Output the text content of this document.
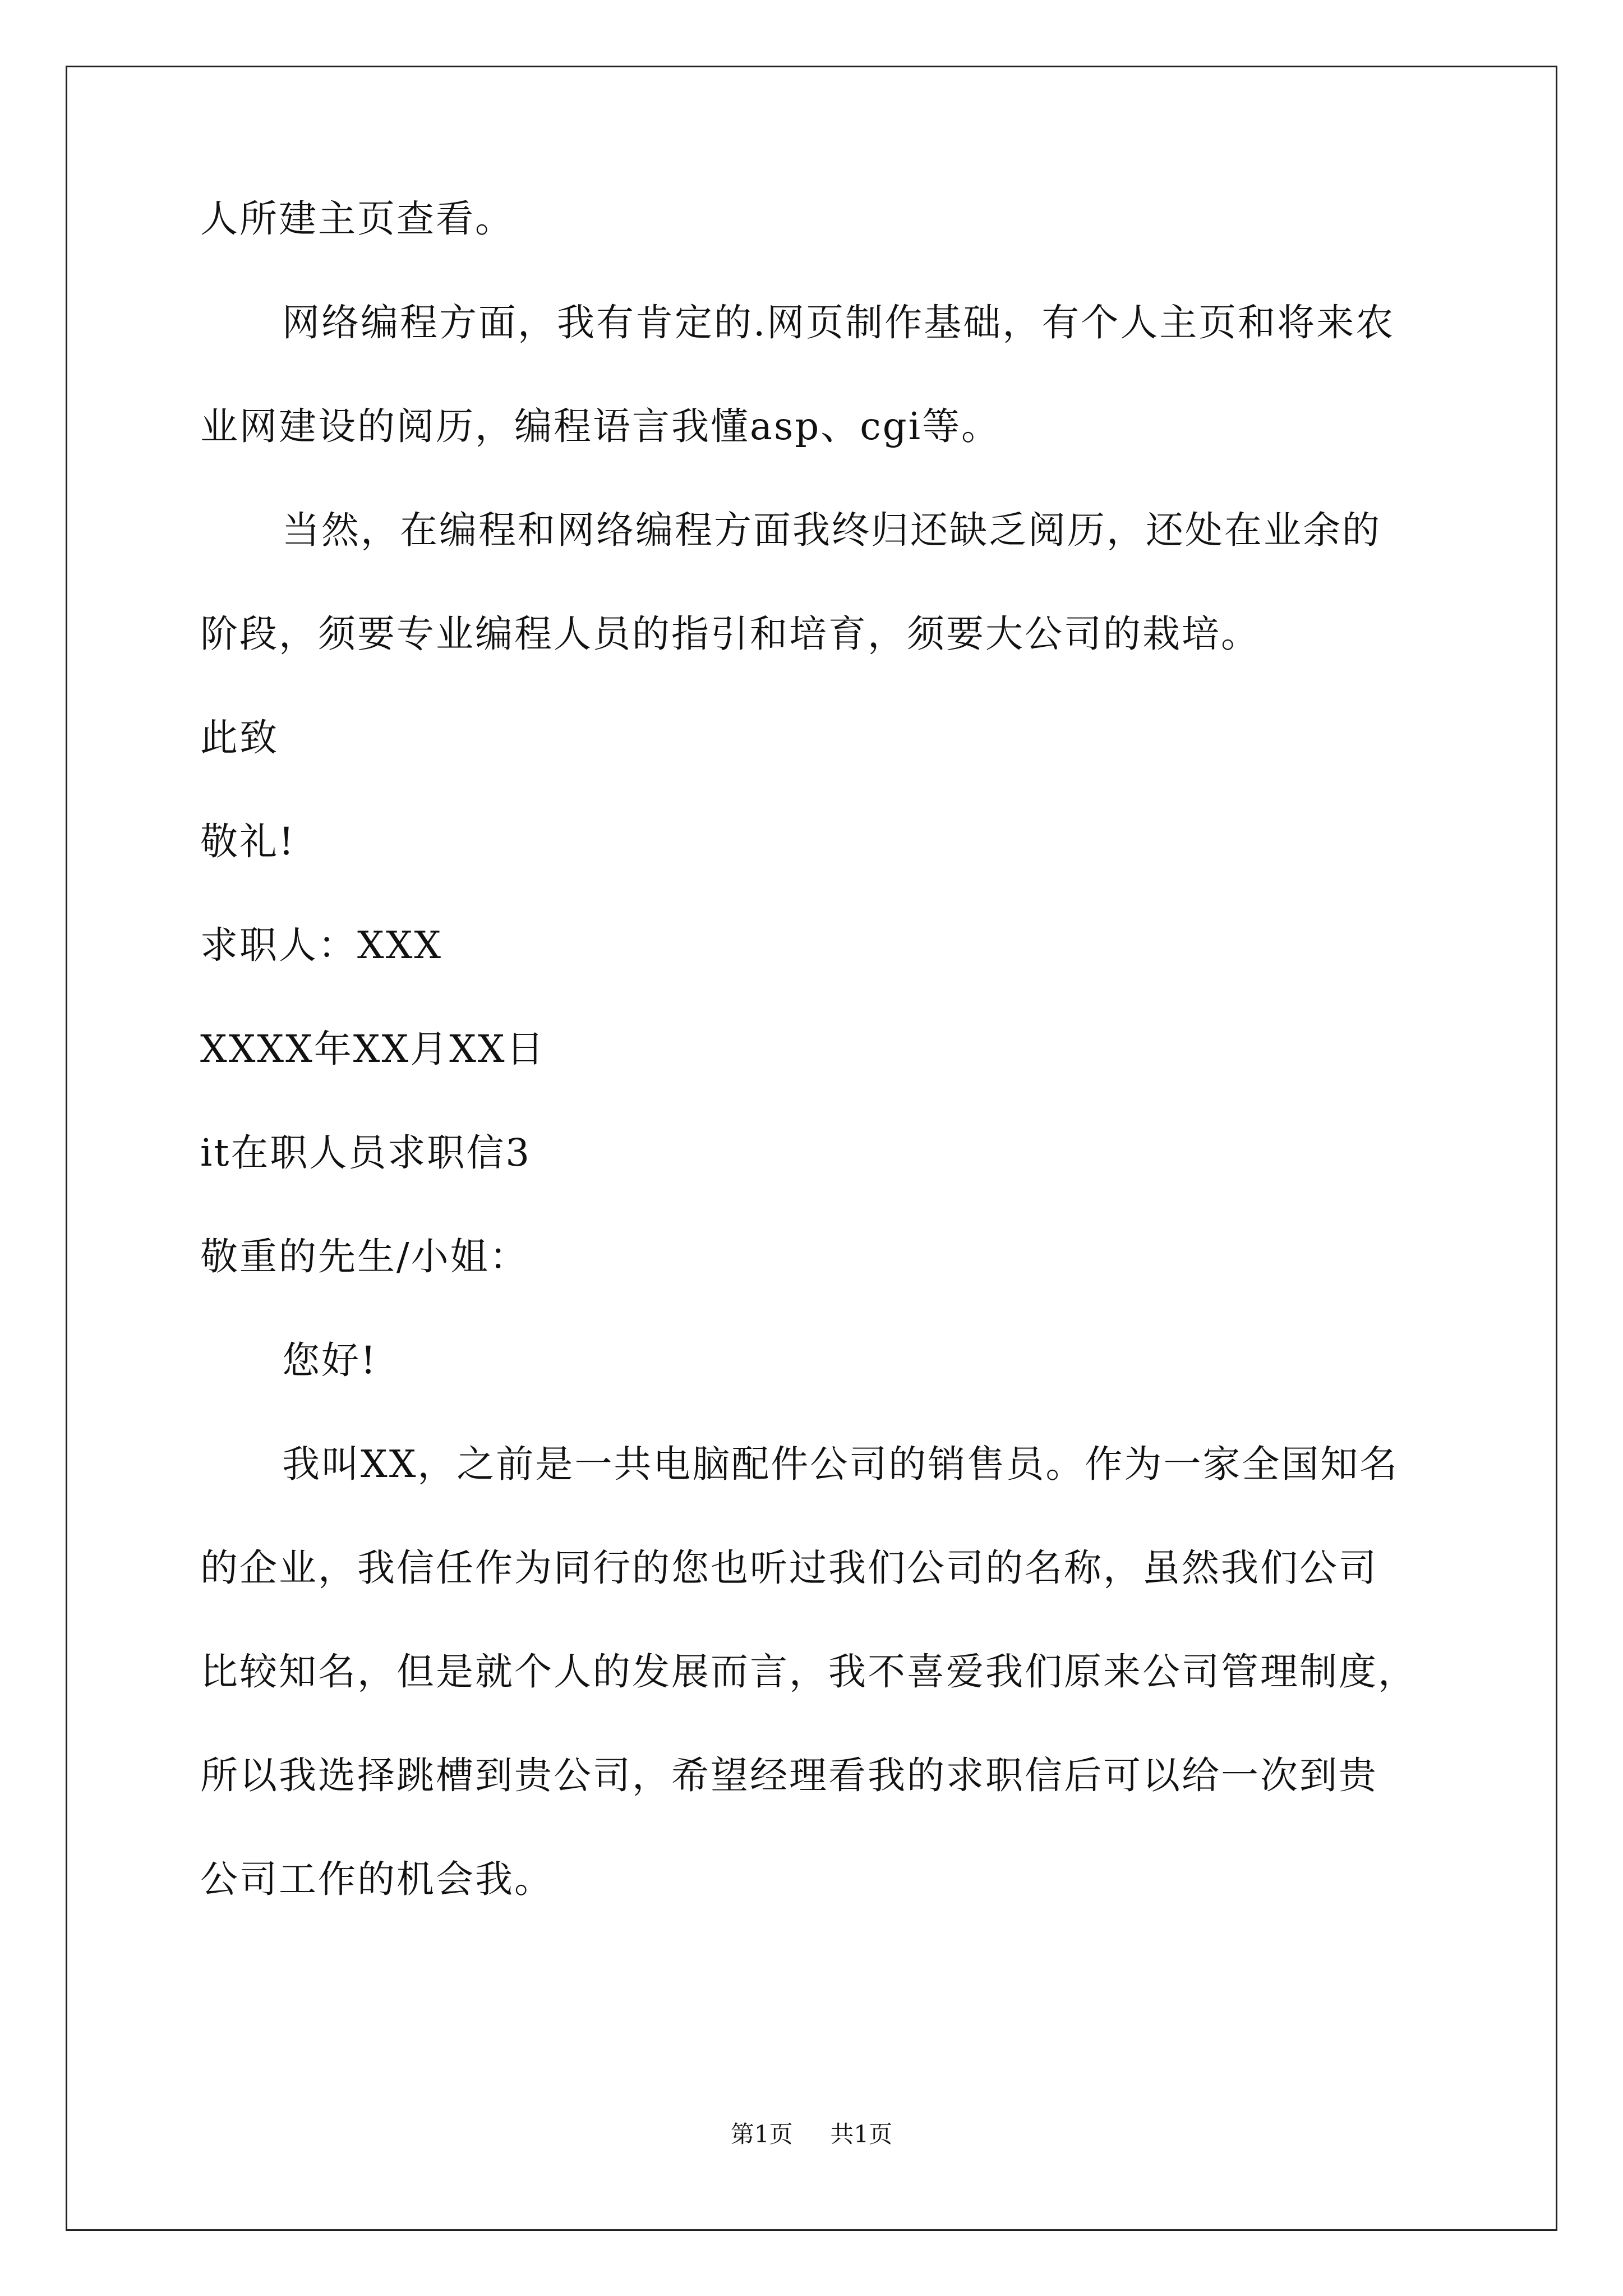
人所建主页查看。
网络编程方面，我有肯定的.网页制作基础，有个人主页和将来农
业网建设的阅历，编程语言我懂asp、cgi等。
当然，在编程和网络编程方面我终归还缺乏阅历，还处在业余的
阶段，须要专业编程人员的指引和培育，须要大公司的栽培。
此致
敬礼!
求职人：XXX
XXXX年XX月XX日
it在职人员求职信3
敬重的先生/小姐：
您好!
我叫XX，之前是一共电脑配件公司的销售员。作为一家全国知名
的企业，我信任作为同行的您也听过我们公司的名称，虽然我们公司
比较知名，但是就个人的发展而言，我不喜爱我们原来公司管理制度，
所以我选择跳槽到贵公司，希望经理看我的求职信后可以给一次到贵
公司工作的机会我。
第1页 共1页
